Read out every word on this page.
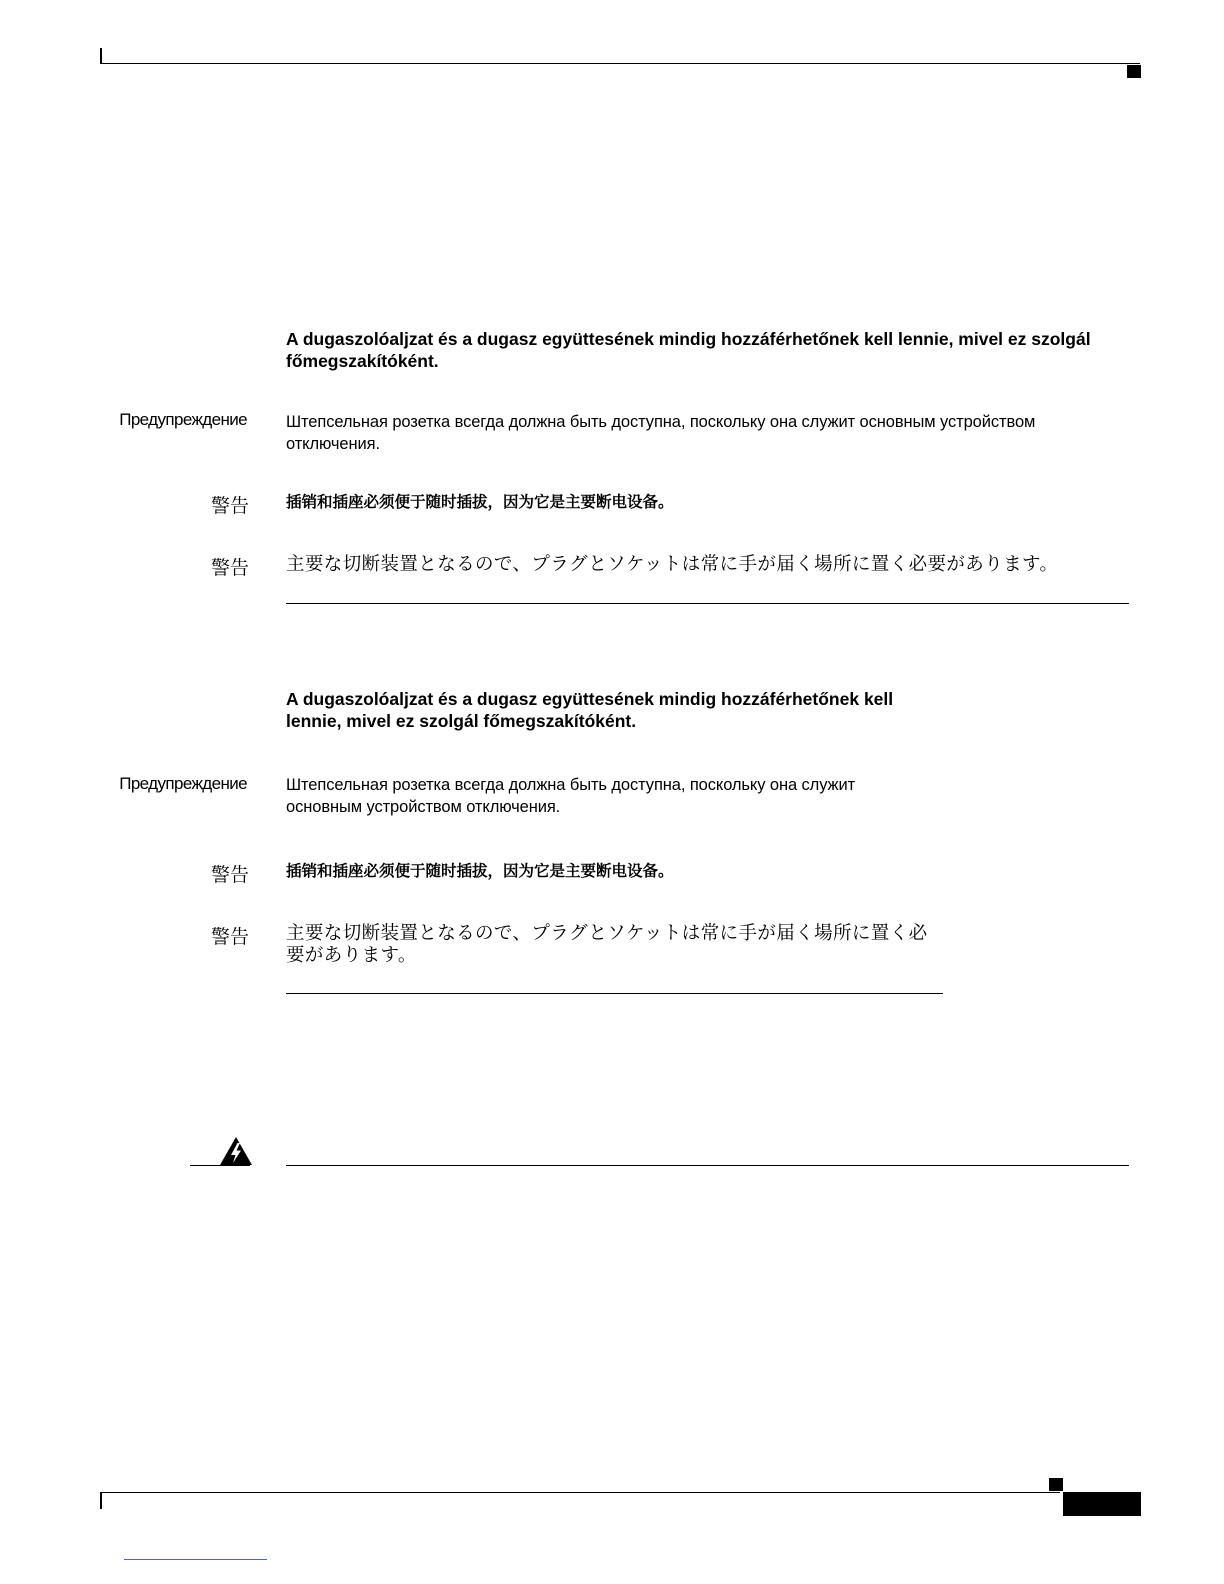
A dugaszolóaljzat és a dugasz együttesének mindig hozzáférhetőnek kell lennie, mivel ez szolgál főmegszakítóként.
Предупреждение Штепсельная розетка всегда должна быть доступна, поскольку она служит основным устройством отключения.
警告 插销和插座必须便于随时插拔，因为它是主要断电设备。
警告 主要な切断装置となるので、プラグとソケットは常に手が届く場所に置く必要があります。
A dugaszolóaljzat és a dugasz együttesének mindig hozzáférhetőnek kell lennie, mivel ez szolgál főmegszakítóként.
Предупреждение Штепсельная розетка всегда должна быть доступна, поскольку она служит основным устройством отключения.
警告 插销和插座必须便于随时插拔，因为它是主要断电设备。
警告 主要な切断装置となるので、プラグとソケットは常に手が届く場所に置く必要があります。
